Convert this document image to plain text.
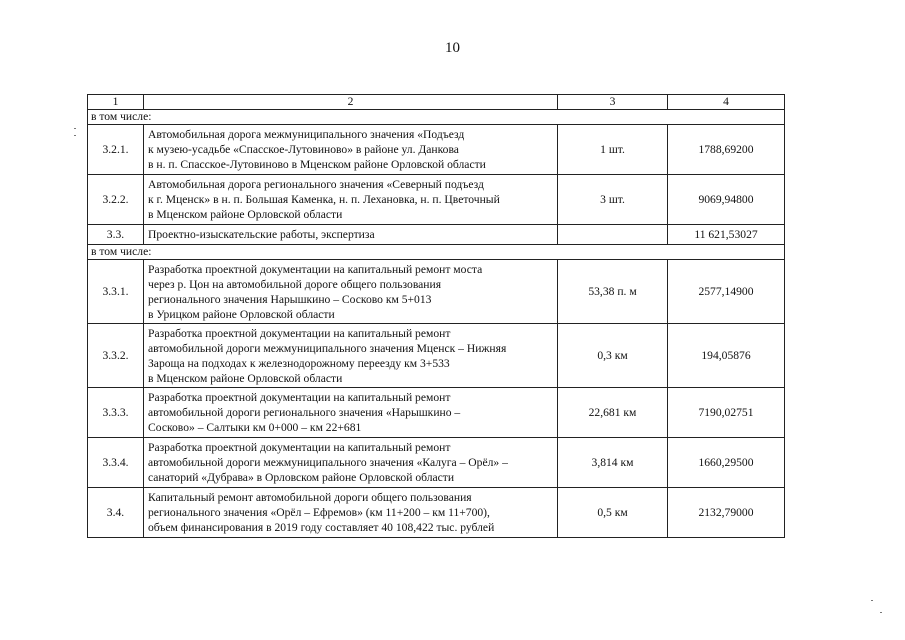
10
1	2	3	4
в том числе:			
3.2.1.	Автомобильная дорога межмуниципального значения «Подъезд
к музею-усадьбе «Спасское-Лутовиново» в районе ул. Данкова
в н. п. Спасское-Лутовиново в Мценском районе Орловской области	1 шт.	1788,69200
3.2.2.	Автомобильная дорога регионального значения «Северный подъезд
к г. Мценск» в н. п. Большая Каменка, н. п. Лехановка, н. п. Цветочный
в Мценском районе Орловской области	3 шт.	9069,94800
3.3.	Проектно-изыскательские работы, экспертиза		11 621,53027
в том числе:			
3.3.1.	Разработка проектной документации на капитальный ремонт моста
через р. Цон на автомобильной дороге общего пользования
регионального значения Нарышкино – Сосково км 5+013
в Урицком районе Орловской области	53,38 п. м	2577,14900
3.3.2.	Разработка проектной документации на капитальный ремонт
автомобильной дороги межмуниципального значения Мценск – Нижняя
Зароща на подходах к железнодорожному переезду км 3+533
в Мценском районе Орловской области	0,3 км	194,05876
3.3.3.	Разработка проектной документации на капитальный ремонт
автомобильной дороги регионального значения «Нарышкино –
Сосково» – Салтыки км 0+000 – км 22+681	22,681 км	7190,02751
3.3.4.	Разработка проектной документации на капитальный ремонт
автомобильной дороги межмуниципального значения «Калуга – Орёл» –
санаторий «Дубрава» в Орловском районе Орловской области	3,814 км	1660,29500
3.4.	Капитальный ремонт автомобильной дороги общего пользования
регионального значения «Орёл – Ефремов» (км 11+200 – км 11+700),
объем финансирования в 2019 году составляет 40 108,422 тыс. рублей	0,5 км	2132,79000
